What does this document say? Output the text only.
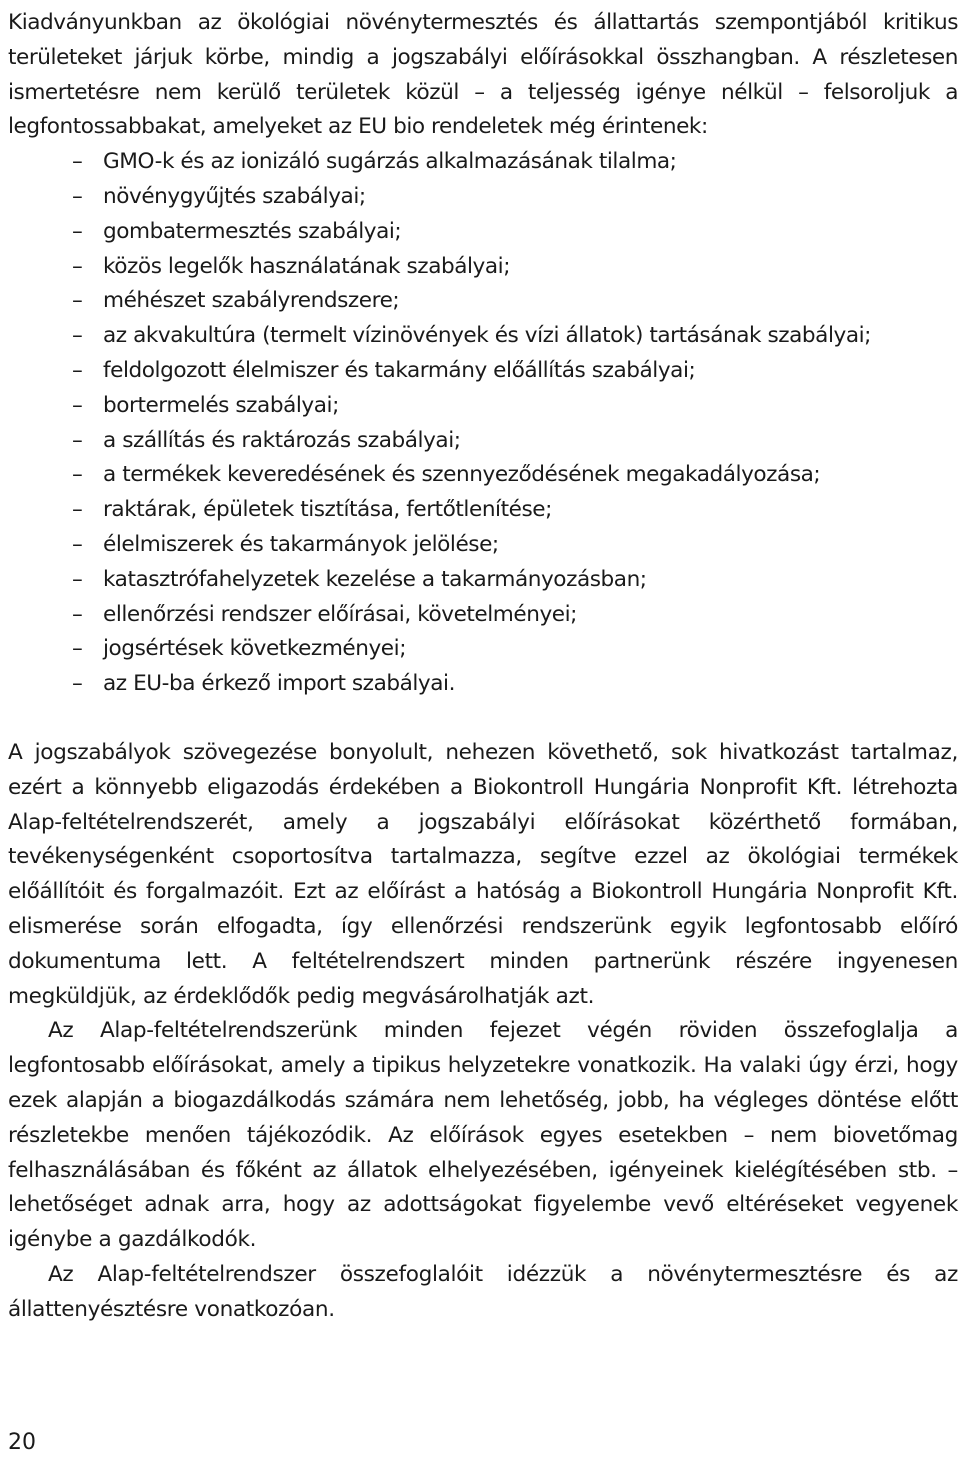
Kiadványunkban az ökológiai növénytermesztés és állattartás szempontjából kritikus területeket járjuk körbe, mindig a jogszabályi előírásokkal összhangban. A részletesen ismertetésre nem kerülő területek közül – a teljesség igénye nélkül – felsoroljuk a legfontossabbakat, amelyeket az EU bio rendeletek még érintenek:

– GMO-k és az ionizáló sugárzás alkalmazásának tilalma;
– növénygyűjtés szabályai;
– gombatermesztés szabályai;
– közös legelők használatának szabályai;
– méhészet szabályrendszere;
– az akvakultúra (termelt vízinövények és vízi állatok) tartásának szabályai;
– feldolgozott élelmiszer és takarmány előállítás szabályai;
– bortermelés szabályai;
– a szállítás és raktározás szabályai;
– a termékek keveredésének és szennyeződésének megakadályozása;
– raktárak, épületek tisztítása, fertőtlenítése;
– élelmiszerek és takarmányok jelölése;
– katasztrófahelyzetek kezelése a takarmányozásban;
– ellenőrzési rendszer előírásai, követelményei;
– jogsértések következményei;
– az EU-ba érkező import szabályai.

A jogszabályok szövegezése bonyolult, nehezen követhető, sok hivatkozást tartalmaz, ezért a könnyebb eligazodás érdekében a Biokontroll Hungária Nonprofit Kft. létrehozta Alap-feltételrendszerét, amely a jogszabályi előírásokat közérthető formában, tevékenységenként csoportosítva tartalmazza, segítve ezzel az ökológiai termékek előállítóit és forgalmazóit. Ezt az előírást a hatóság a Biokontroll Hungária Nonprofit Kft. elismerése során elfogadta, így ellenőrzési rendszerünk egyik legfontosabb előíró dokumentuma lett. A feltételrendszert minden partnerünk részére ingyenesen megküldjük, az érdeklődők pedig megvásárolhatják azt.

Az Alap-feltételrendszerünk minden fejezet végén röviden összefoglalja a legfontosabb előírásokat, amely a tipikus helyzetekre vonatkozik. Ha valaki úgy érzi, hogy ezek alapján a biogazdálkodás számára nem lehetőség, jobb, ha végleges döntése előtt részletekbe menően tájékozódik. Az előírások egyes esetekben – nem biovetőmag felhasználásában és főként az állatok elhelyezésében, igényeinek kielégítésében stb. – lehetőséget adnak arra, hogy az adottságokat figyelembe vevő eltéréseket vegyenek igénybe a gazdálkodók.

Az Alap-feltételrendszer összefoglalóit idézzük a növénytermesztésre és az állattenyésztésre vonatkozóan.

20
